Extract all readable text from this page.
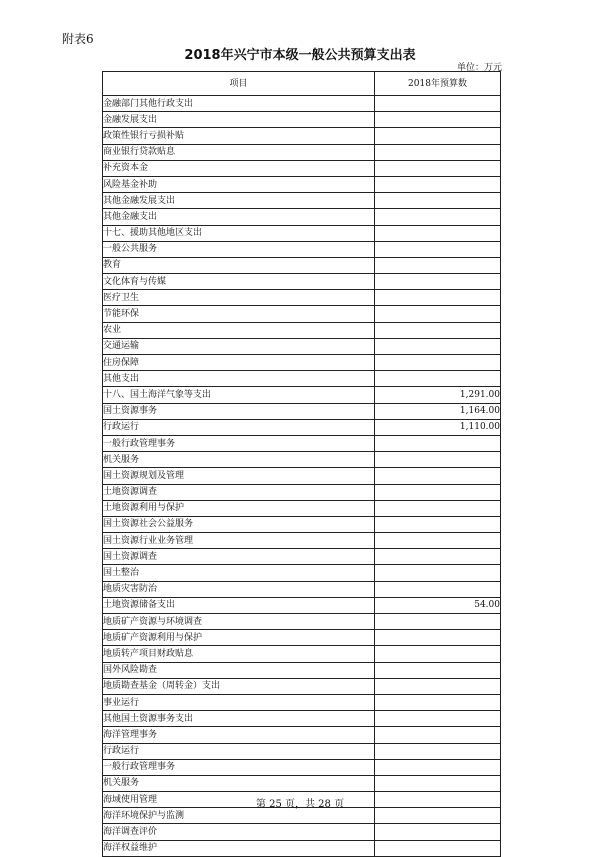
附表6
2018年兴宁市本级一般公共预算支出表
单位：万元
项目	2018年预算数
金融部门其他行政支出	
金融发展支出	
政策性银行亏损补贴	
商业银行贷款贴息	
补充资本金	
风险基金补助	
其他金融发展支出	
其他金融支出	
十七、援助其他地区支出	
一般公共服务	
教育	
文化体育与传媒	
医疗卫生	
节能环保	
农业	
交通运输	
住房保障	
其他支出	
十八、国土海洋气象等支出	1,291.00
国土资源事务	1,164.00
行政运行	1,110.00
一般行政管理事务	
机关服务	
国土资源规划及管理	
土地资源调查	
土地资源利用与保护	
国土资源社会公益服务	
国土资源行业业务管理	
国土资源调查	
国土整治	
地质灾害防治	
土地资源储备支出	54.00
地质矿产资源与环境调查	
地质矿产资源利用与保护	
地质转产项目财政贴息	
国外风险勘查	
地质勘查基金（周转金）支出	
事业运行	
其他国土资源事务支出	
海洋管理事务	
行政运行	
一般行政管理事务	
机关服务	
海域使用管理	
海洋环境保护与监测	
海洋调查评价	
海洋权益维护	
第 25 页，共 28 页
